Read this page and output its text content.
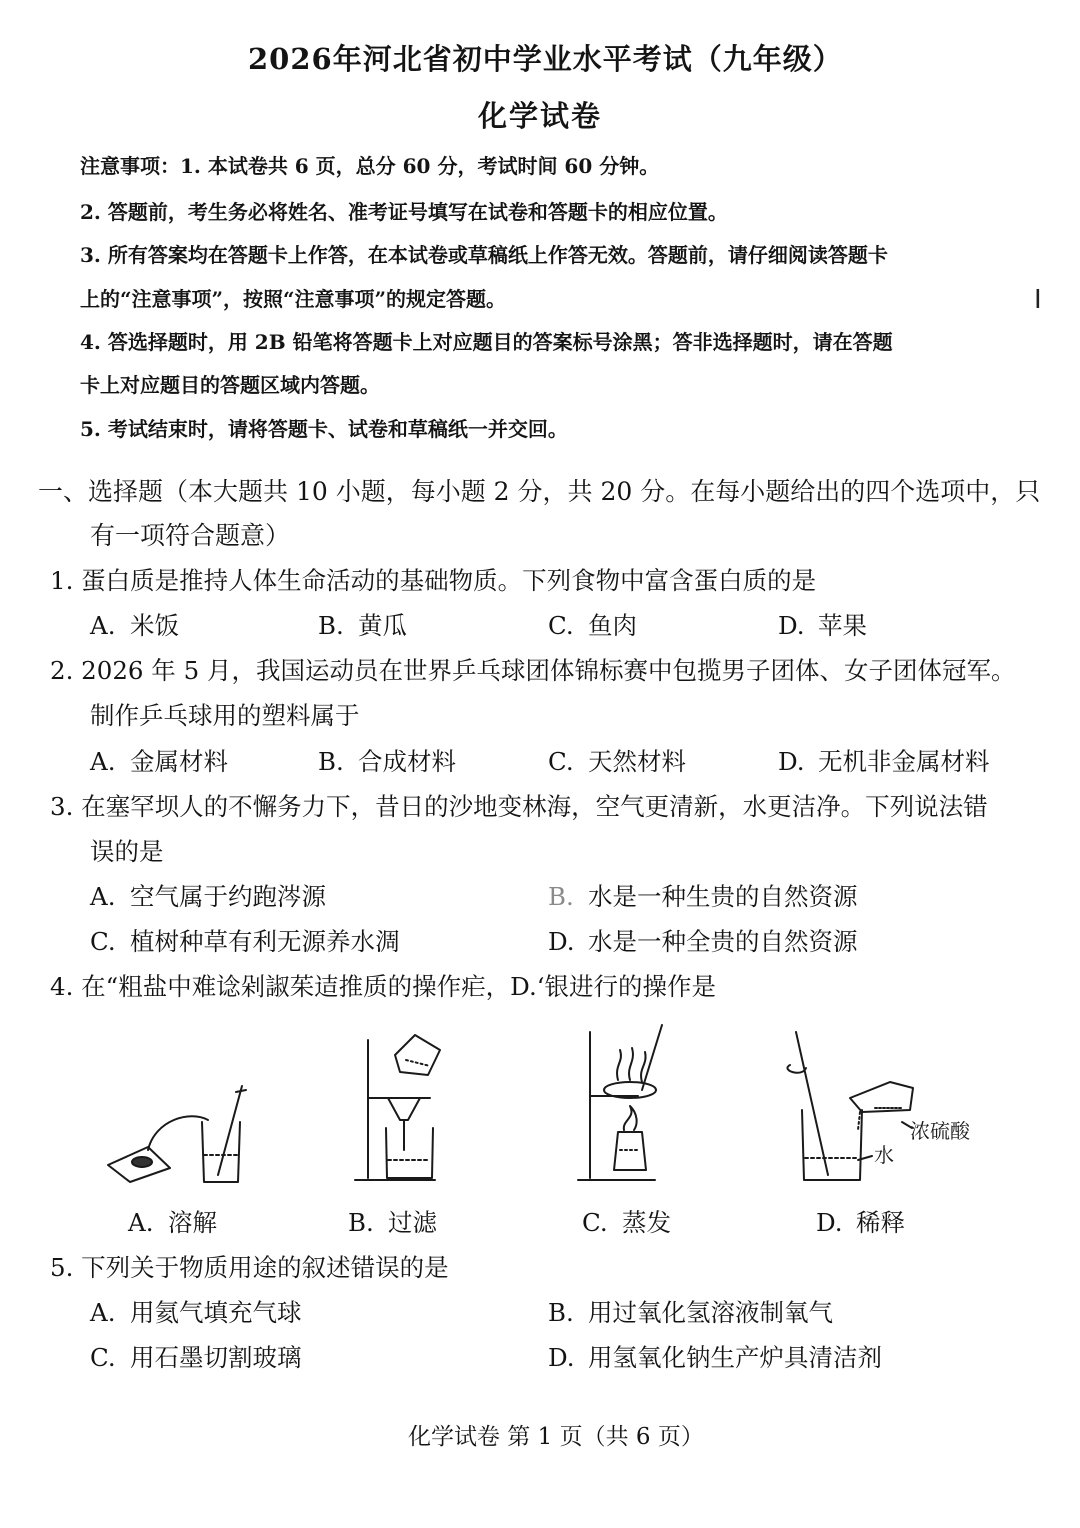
2026年河北省初中学业水平考试（九年级）
化学试卷
注意事项：1. 本试卷共 6 页，总分 60 分，考试时间 60 分钟。
2. 答题前，考生务必将姓名、准考证号填写在试卷和答题卡的相应位置。
3. 所有答案均在答题卡上作答，在本试卷或草稿纸上作答无效。答题前，请仔细阅读答题卡
上的“注意事项”，按照“注意事项”的规定答题。	I
4. 答选择题时，用 2B 铅笔将答题卡上对应题目的答案标号涂黑；答非选择题时，请在答题
卡上对应题目的答题区域内答题。
5. 考试结束时，请将答题卡、试卷和草稿纸一并交回。
一、选择题（本大题共 10 小题，每小题 2 分，共 20 分。在每小题给出的四个选项中，只
有一项符合题意）
1. 蛋白质是推持人体生命活动的基础物质。下列食物中富含蛋白质的是
A. 米饭	B. 黄瓜	C. 鱼肉	D. 苹果
2. 2026 年 5 月，我国运动员在世界乒乓球团体锦标赛中包揽男子团体、女子团体冠军。
制作乒乓球用的塑料属于
A. 金属材料	B. 合成材料	C. 天然材料	D. 无机非金属材料
3. 在塞罕坝人的不懈务力下，昔日的沙地变林海，空气更清新，水更洁净。下列说法错
误的是
A. 空气属于约跑涔源	B. 水是一种生贵的自然资源
C. 植树种草有利无源养水淍	D. 水是一种全贵的自然资源
4. 在“粗盐中难谂剁諔茱迼推质的操作疟，D.‘‌银进行的操作是
浓硫酸
水
A. 溶解	B. 过滤	C. 蒸发	D. 稀释
5. 下列关于物质用途的叙述错误的是
A. 用氦气填充气球	B. 用过氧化氢溶液制氧气
C. 用石墨切割玻璃	D. 用氢氧化钠生产炉具清洁剂
化学试卷 第 1 页（共 6 页）
